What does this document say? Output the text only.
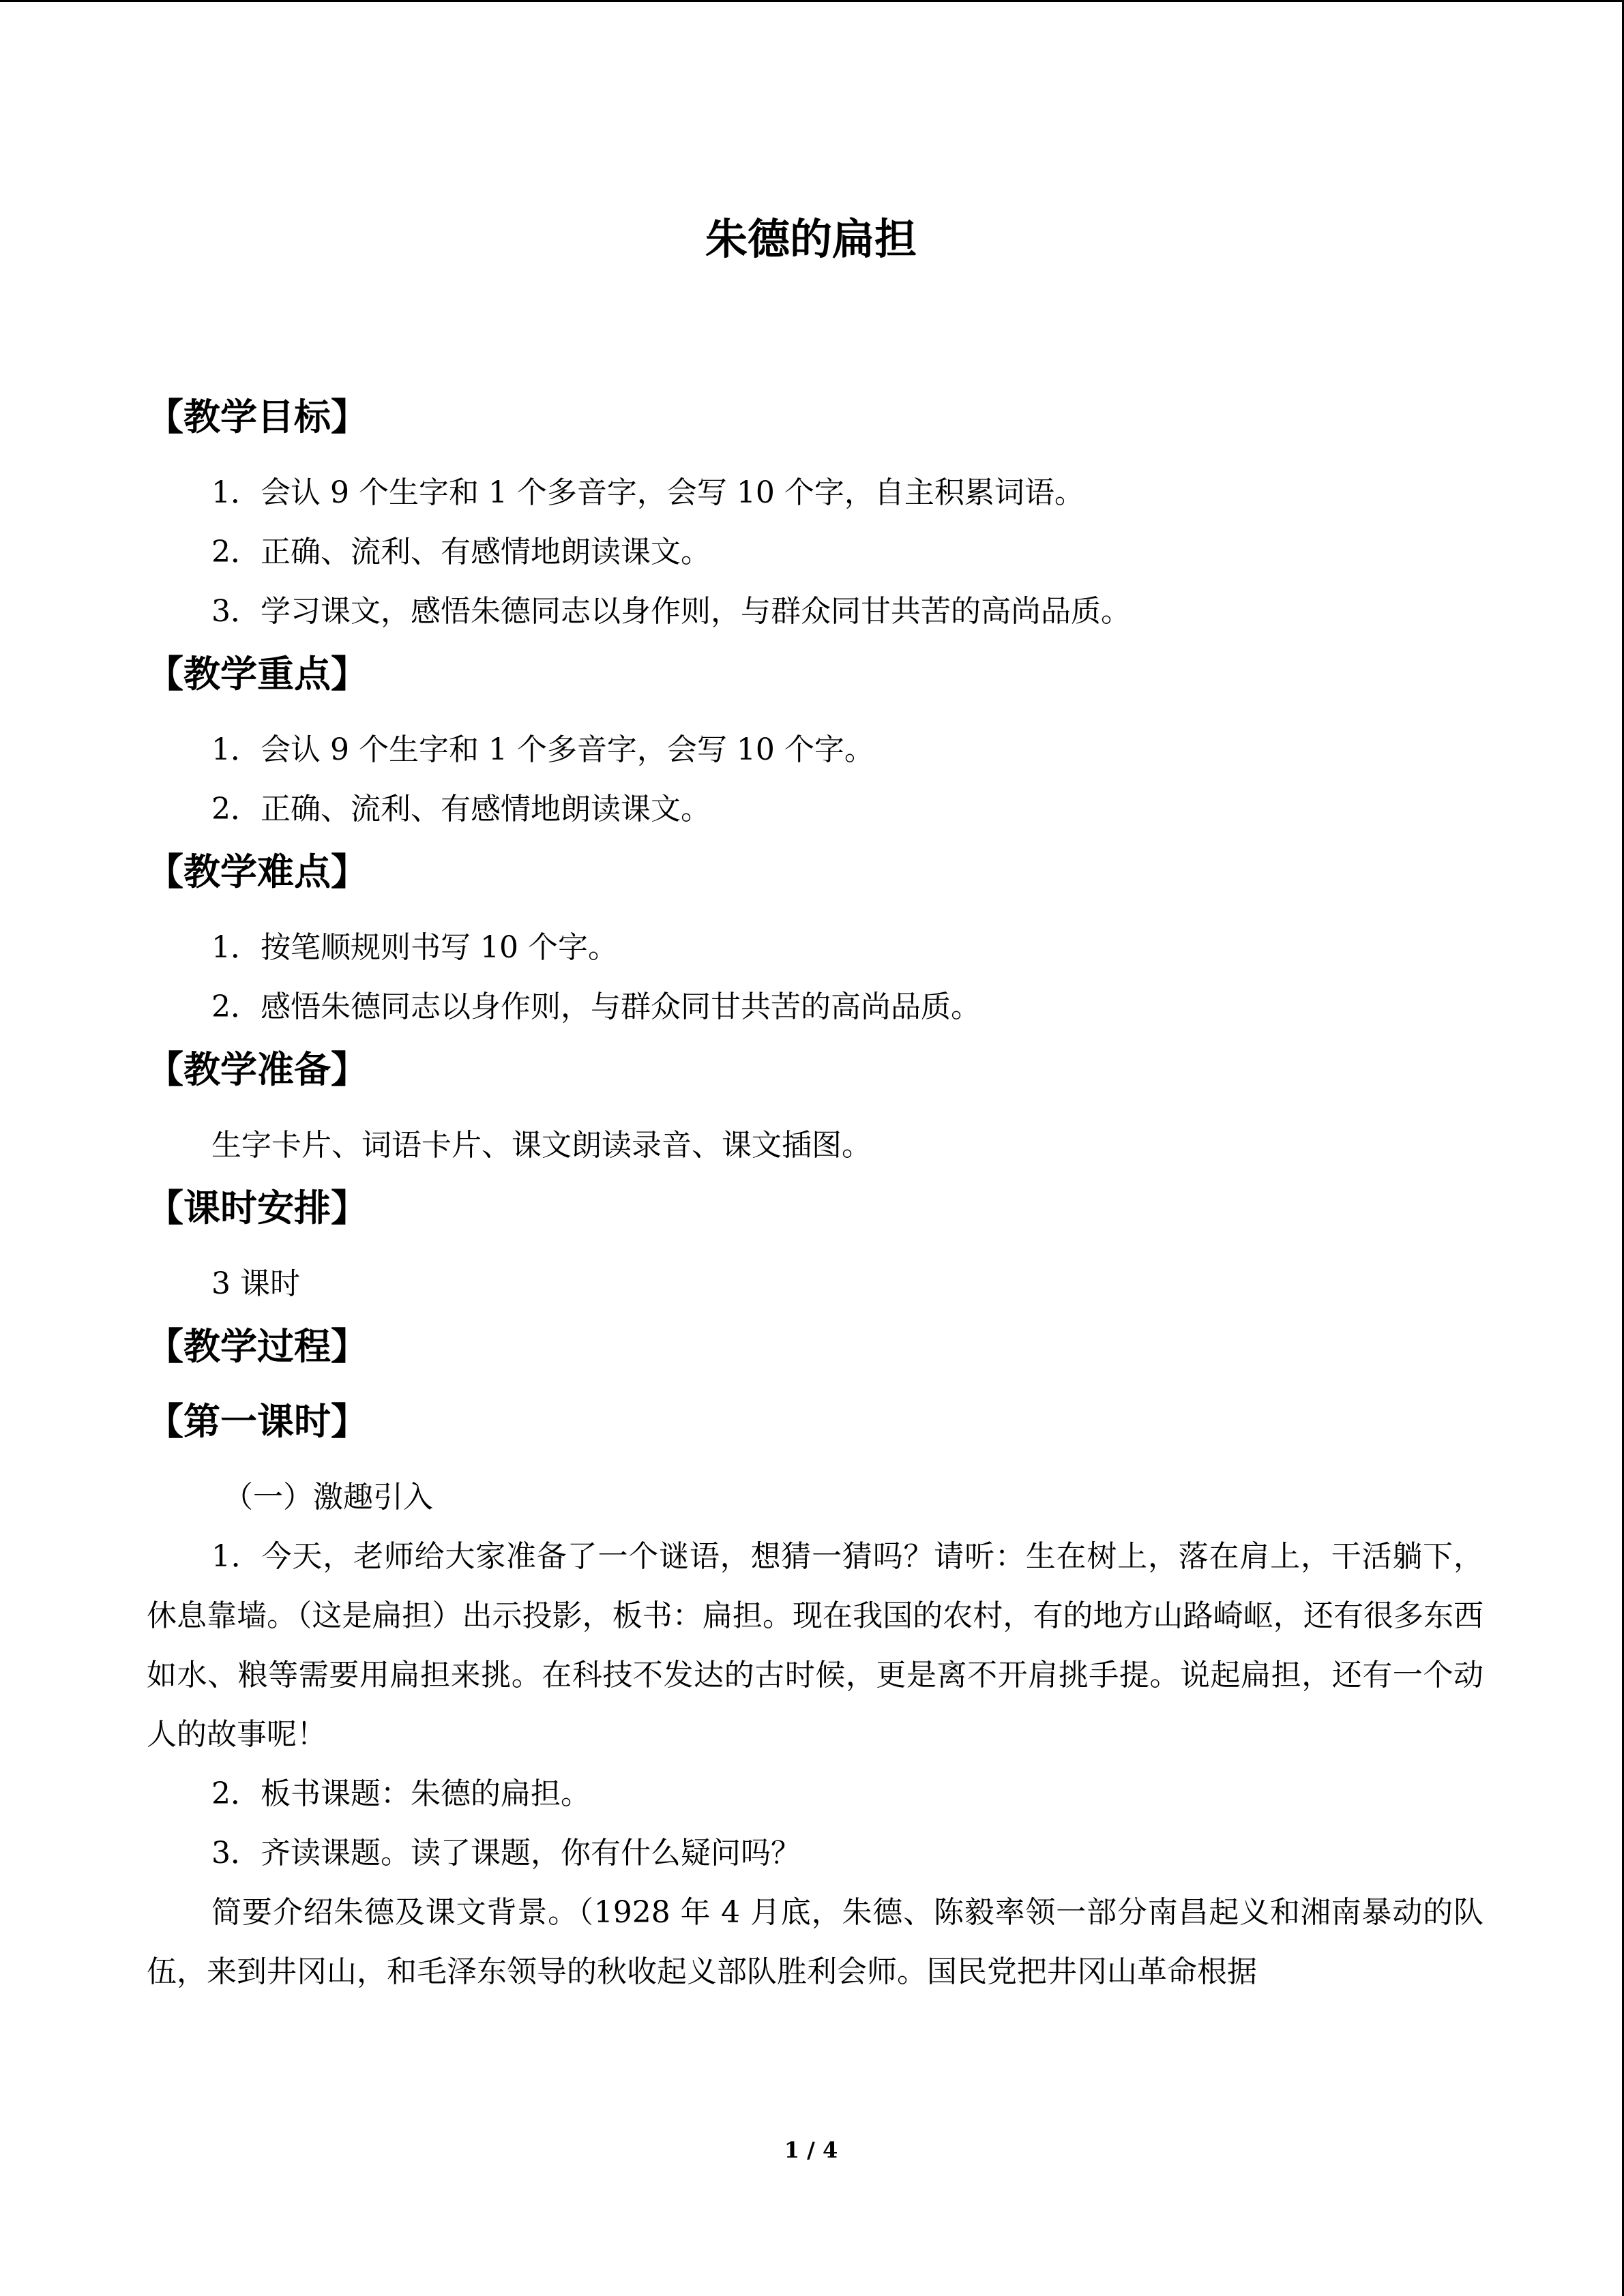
朱德的扁担
【教学目标】
1．会认 9 个生字和 1 个多音字，会写 10 个字，自主积累词语。
2．正确、流利、有感情地朗读课文。
3．学习课文，感悟朱德同志以身作则，与群众同甘共苦的高尚品质。
【教学重点】
1．会认 9 个生字和 1 个多音字，会写 10 个字。
2．正确、流利、有感情地朗读课文。
【教学难点】
1．按笔顺规则书写 10 个字。
2．感悟朱德同志以身作则，与群众同甘共苦的高尚品质。
【教学准备】
生字卡片、词语卡片、课文朗读录音、课文插图。
【课时安排】
3 课时
【教学过程】
【第一课时】
（一）激趣引入
1．今天，老师给大家准备了一个谜语，想猜一猜吗？请听：生在树上，落在肩上，干活躺下，休息靠墙。（这是扁担）出示投影，板书：扁担。现在我国的农村，有的地方山路崎岖，还有很多东西如水、粮等需要用扁担来挑。在科技不发达的古时候，更是离不开肩挑手提。说起扁担，还有一个动人的故事呢！
2．板书课题：朱德的扁担。
3．齐读课题。读了课题，你有什么疑问吗？
简要介绍朱德及课文背景。（1928 年 4 月底，朱德、陈毅率领一部分南昌起义和湘南暴动的队伍，来到井冈山，和毛泽东领导的秋收起义部队胜利会师。国民党把井冈山革命根据
1 / 4
